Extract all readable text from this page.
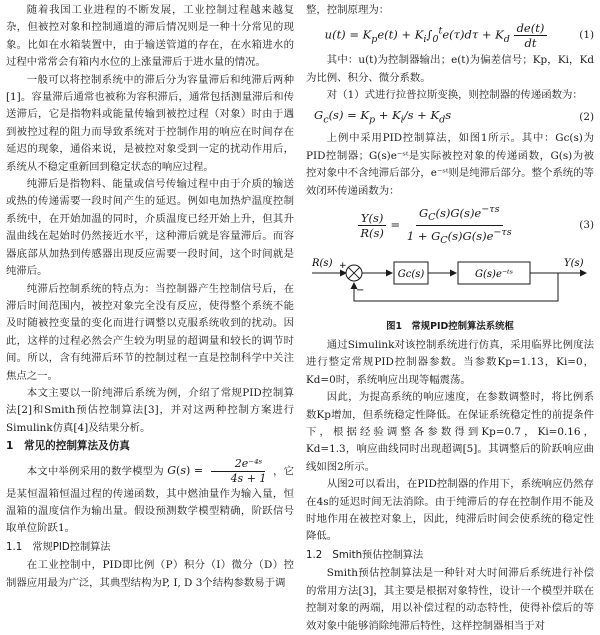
随着我国工业进程的不断发展，工业控制过程越来越复杂，但被控对象和控制通道的滞后情况则是一种十分常见的现象。比如在水箱装置中，由于输送管道的存在，在水箱进水的过程中常常会有箱内水位的上涨量滞后于进水量的情况。

一般可以将控制系统中的滞后分为容量滞后和纯滞后两种[1]。容量滞后通常也被称为容积滞后，通常包括测量滞后和传送滞后，它是指物料或能量传输到被控过程（对象）时由于遇到被控过程的阻力而导致系统对于控制作用的响应在时间存在延迟的现象，通俗来说，是被控对象受到一定的扰动作用后，系统从不稳定重新回到稳定状态的响应过程。

纯滞后是指物料、能量或信号传输过程中由于介质的输送或热的传递需要一段时间产生的延迟。例如电加热炉温度控制系统中，在开始加温的同时，介质温度已经开始上升，但其升温曲线在起始时仍然接近水平，这种滞后就是容量滞后。而容器底部从加热到传感器出现反应需要一段时间，这个时间就是纯滞后。

纯滞后控制系统的特点为：当控制器产生控制信号后，在滞后时间范围内，被控对象完全没有反应，使得整个系统不能及时随被控变量的变化而进行调整以克服系统收到的扰动。因此，这样的过程必然会产生较为明显的超调量和较长的调节时间。所以，含有纯滞后环节的控制过程一直是控制科学中关注焦点之一。

本文主要以一阶纯滞后系统为例，介绍了常规PID控制算法[2]和Smith预估控制算法[3]，并对这两种控制方案进行Simulink仿真[4]及结果分析。

1　常见的控制算法及仿真

本文中举例采用的数学模型为 $G(s) = \frac{\text{2e⁻⁴ˢ}}{4s + 1}$ ，它是某恒温箱恒温过程的传递函数，其中燃油量作为输入量，恒温箱的温度信作为输出量。假设预测数学模型精确，阶跃信号取单位阶跃1。

1.1　常规PID控制算法

在工业控制中，PID即比例（P）积分（I）微分（D）控制器应用最为广泛，其典型结构为P, I, D 3个结构参数易于调

整，控制原理为：

$u(t) = K_pe(t) + K_i\int_0^te(\tau)d\tau + K_d \frac{de(t)}{dt}$	(1)

其中：u(t)为控制器输出；e(t)为偏差信号；Kp，Ki，Kd为比例、积分、微分系数。

对（1）式进行拉普拉斯变换，则控制器的传递函数为：

$G_c(s) = K_p + K_i/s + K_ds$	(2)

上例中采用PID控制算法，如图1所示。其中：Gc(s)为PID控制器；G(s)e⁻ˢᵗ是实际被控对象的传递函数，G(s)为被控对象中不含纯滞后部分，e⁻ˢᵗ则是纯滞后部分。整个系统的等效闭环传递函数为：

$\frac{Y(s)}{R(s)} = \frac{G_C(s)G(s)e^{-\tau s}}{1 + G_C(s)G(s)e^{-\tau s}}$	(3)
R(s) +
−
Gc(s)	G(s)e⁻ᵗˢ
Y(s)
图1　常规PID控制算法系统框

通过Simulink对该控制系统进行仿真，采用临界比例度法进行整定常规PID控制器参数。当参数Kp=1.13，Ki=0，Kd=0时，系统响应出现等幅震荡。

因此，为提高系统的响应速度，在参数调整时，将比例系数Kp增加，但系统稳定性降低。在保证系统稳定性的前提条件下，根据经验调整各参数得到Kp=0.7，Ki=0.16，Kd=1.3，响应曲线同时出现超调[5]。其调整后的阶跃响应曲线如图2所示。

从图2可以看出，在PID控制器的作用下，系统响应仍然存在4s的延迟时间无法消除。由于纯滞后的存在控制作用不能及时地作用在被控对象上，因此，纯滞后时间会使系统的稳定性降低。

1.2　Smith预估控制算法

Smith预估控制算法是一种针对大时间滞后系统进行补偿的常用方法[3]，其主要是根据对象特性，设计一个模型并联在控制对象的两端，用以补偿过程的动态特性，使得补偿后的等效对象中能够消除纯滞后特性，这样控制器相当于对
